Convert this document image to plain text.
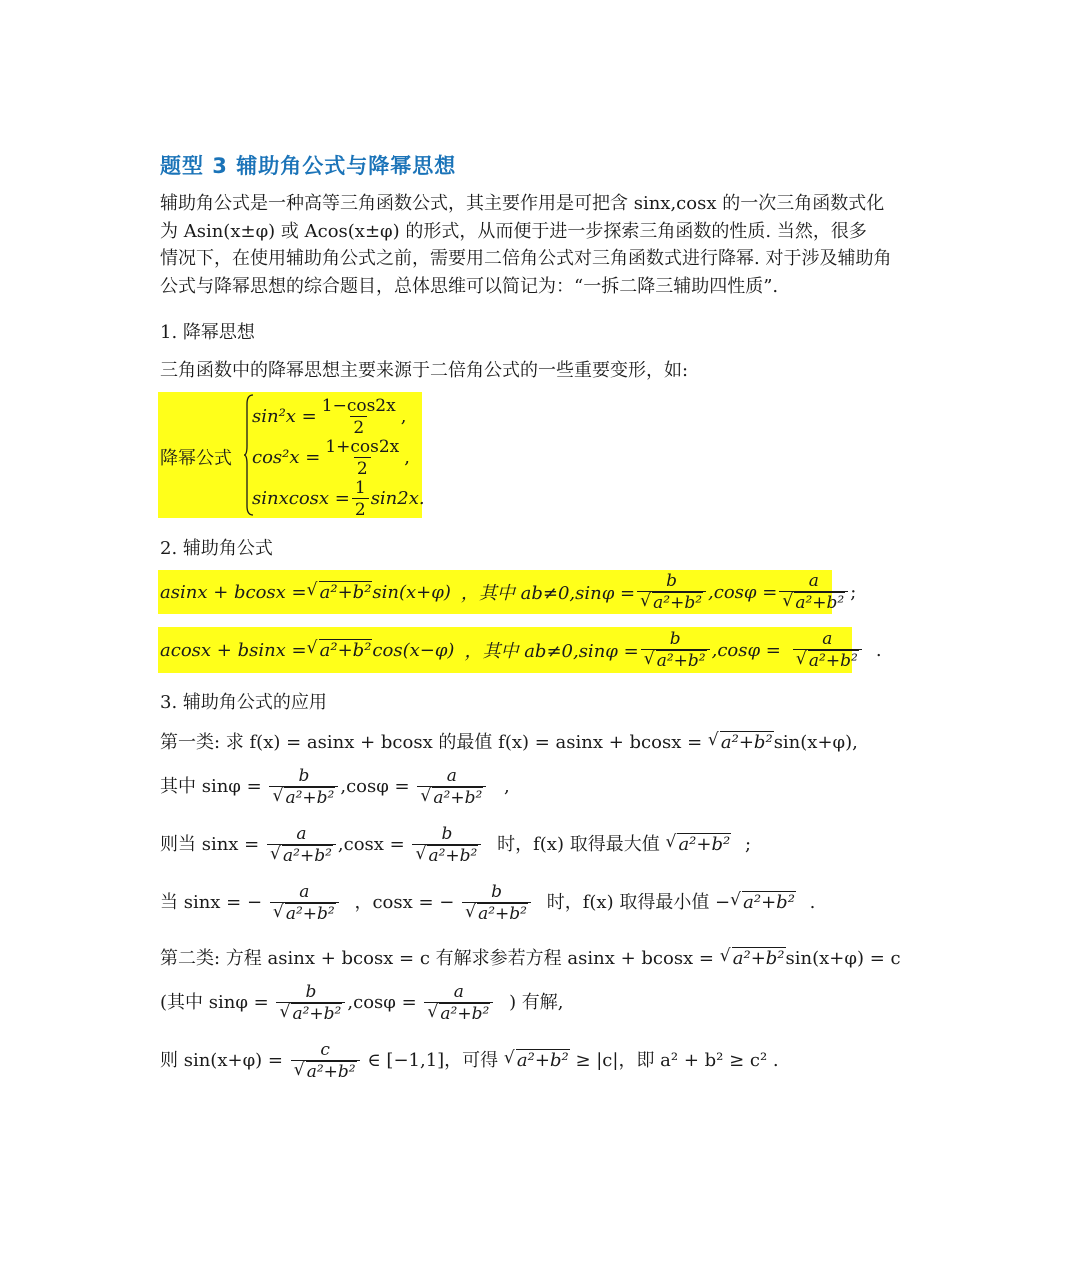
题型 3 辅助角公式与降幂思想

辅助角公式是一种高等三角函数公式，其主要作用是可把含 sinx,cosx 的一次三角函数式化

为 Asin(x±φ) 或 Acos(x±φ) 的形式，从而便于进一步探索三角函数的性质. 当然，很多

情况下，在使用辅助角公式之前，需要用二倍角公式对三角函数式进行降幂. 对于涉及辅助角

公式与降幂思想的综合题目，总体思维可以简记为：“一拆二降三辅助四性质”.

1. 降幂思想
三角函数中的降幂思想主要来源于二倍角公式的一些重要变形，如:
降幂公式
$\sin^2x = \frac{1-\cos 2x}{2}$ ,
$\cos^2x = \frac{1+\cos 2x}{2}$ ,
sinxcosx = $\frac{1}{2} \sin 2x$.
2. 辅助角公式
asinx + bcosx = √ a²+b² sin(x+φ) ，其中 ab≠0,sinφ = b
√ a²+b² ,cosφ = a
√ a²+b² ;
acosx + bsinx = √ a²+b² cos(x−φ) ，其中 ab≠0,sinφ = b
√ a²+b² ,cosφ = a
√ a²+b² .
3. 辅助角公式的应用
第一类: 求 f(x) = asinx + bcosx 的最值 f(x) = asinx + bcosx = √ a²+b²sin(x+φ),
其中 sinφ = b
√ a²+b² ,cosφ = a
√ a²+b² ,
则当 sinx = a
√ a²+b² ,cosx = b
√ a²+b² 时，f(x) 取得最大值 √ a²+b² ;
当 sinx = − a
√ a²+b² ，cosx = − b
√ a²+b² 时，f(x) 取得最小值 − √ a²+b² .
第二类: 方程 asinx + bcosx = c 有解求参若方程 asinx + bcosx = √ a²+b²sin(x+φ) = c
(其中 sinφ = b
√ a²+b² ,cosφ = a
√ a²+b² ) 有解,
则 sin(x+φ) = c
√ a²+b² ∈ [−1,1]，可得 √ a²+b² ≥ |c|，即 a² + b² ≥ c² .
